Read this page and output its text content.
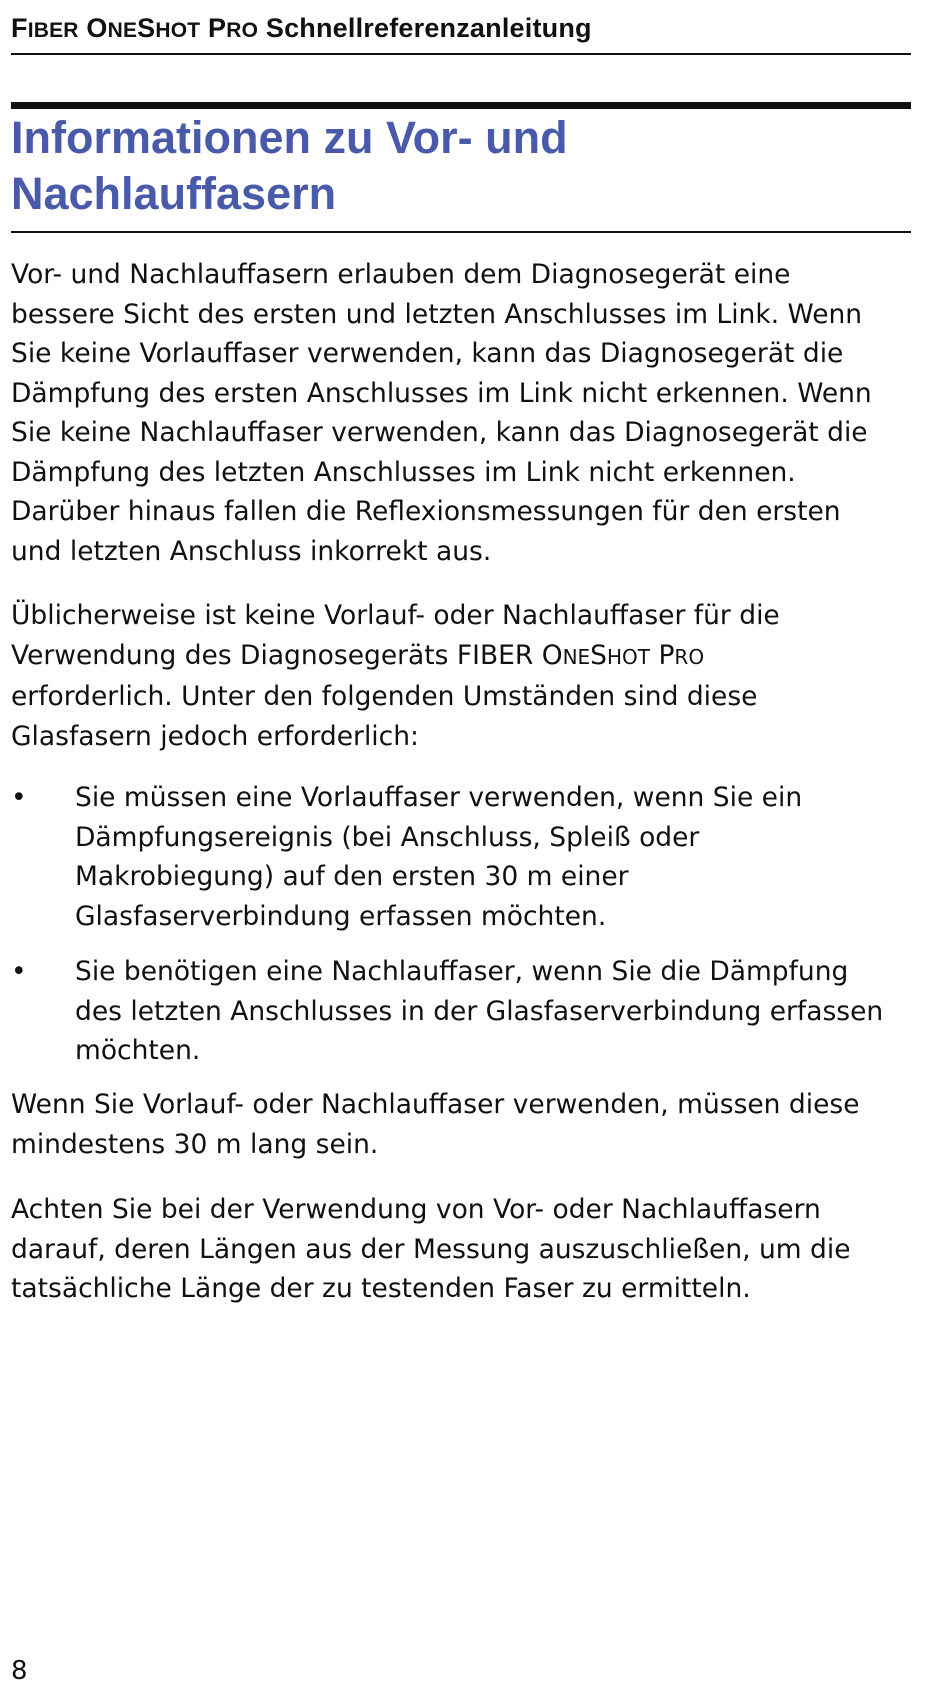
FIBER ONESHOT PRO Schnellreferenzanleitung
Informationen zu Vor- und
Nachlauffasern

Vor- und Nachlauffasern erlauben dem Diagnosegerät eine
bessere Sicht des ersten und letzten Anschlusses im Link. Wenn
Sie keine Vorlauffaser verwenden, kann das Diagnosegerät die
Dämpfung des ersten Anschlusses im Link nicht erkennen. Wenn
Sie keine Nachlauffaser verwenden, kann das Diagnosegerät die
Dämpfung des letzten Anschlusses im Link nicht erkennen.
Darüber hinaus fallen die Reflexionsmessungen für den ersten
und letzten Anschluss inkorrekt aus.

Üblicherweise ist keine Vorlauf- oder Nachlauffaser für die
Verwendung des Diagnosegeräts FIBER ONESHOT PRO
erforderlich. Unter den folgenden Umständen sind diese
Glasfasern jedoch erforderlich:

• Sie müssen eine Vorlauffaser verwenden, wenn Sie ein
Dämpfungsereignis (bei Anschluss, Spleiß oder
Makrobiegung) auf den ersten 30 m einer
Glasfaserverbindung erfassen möchten.
• Sie benötigen eine Nachlauffaser, wenn Sie die Dämpfung
des letzten Anschlusses in der Glasfaserverbindung erfassen
möchten.

Wenn Sie Vorlauf- oder Nachlauffaser verwenden, müssen diese
mindestens 30 m lang sein.

Achten Sie bei der Verwendung von Vor- oder Nachlauffasern
darauf, deren Längen aus der Messung auszuschließen, um die
tatsächliche Länge der zu testenden Faser zu ermitteln.

8
